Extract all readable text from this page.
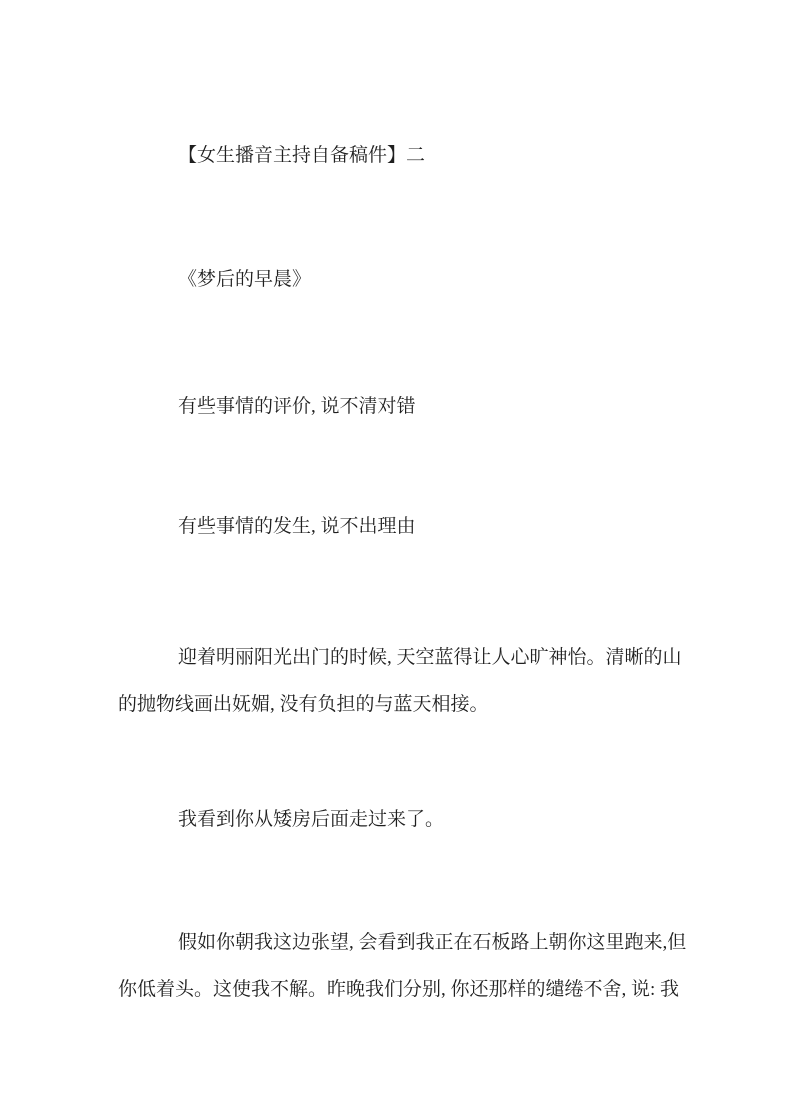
【女生播音主持自备稿件】二
《梦后的早晨》
有些事情的评价, 说不清对错
有些事情的发生, 说不出理由
迎着明丽阳光出门的时候, 天空蓝得让人心旷神怡。清晰的山
的抛物线画出妩媚, 没有负担的与蓝天相接。
我看到你从矮房后面走过来了。
假如你朝我这边张望, 会看到我正在石板路上朝你这里跑来,但
你低着头。这使我不解。昨晚我们分别, 你还那样的缱绻不舍, 说: 我
